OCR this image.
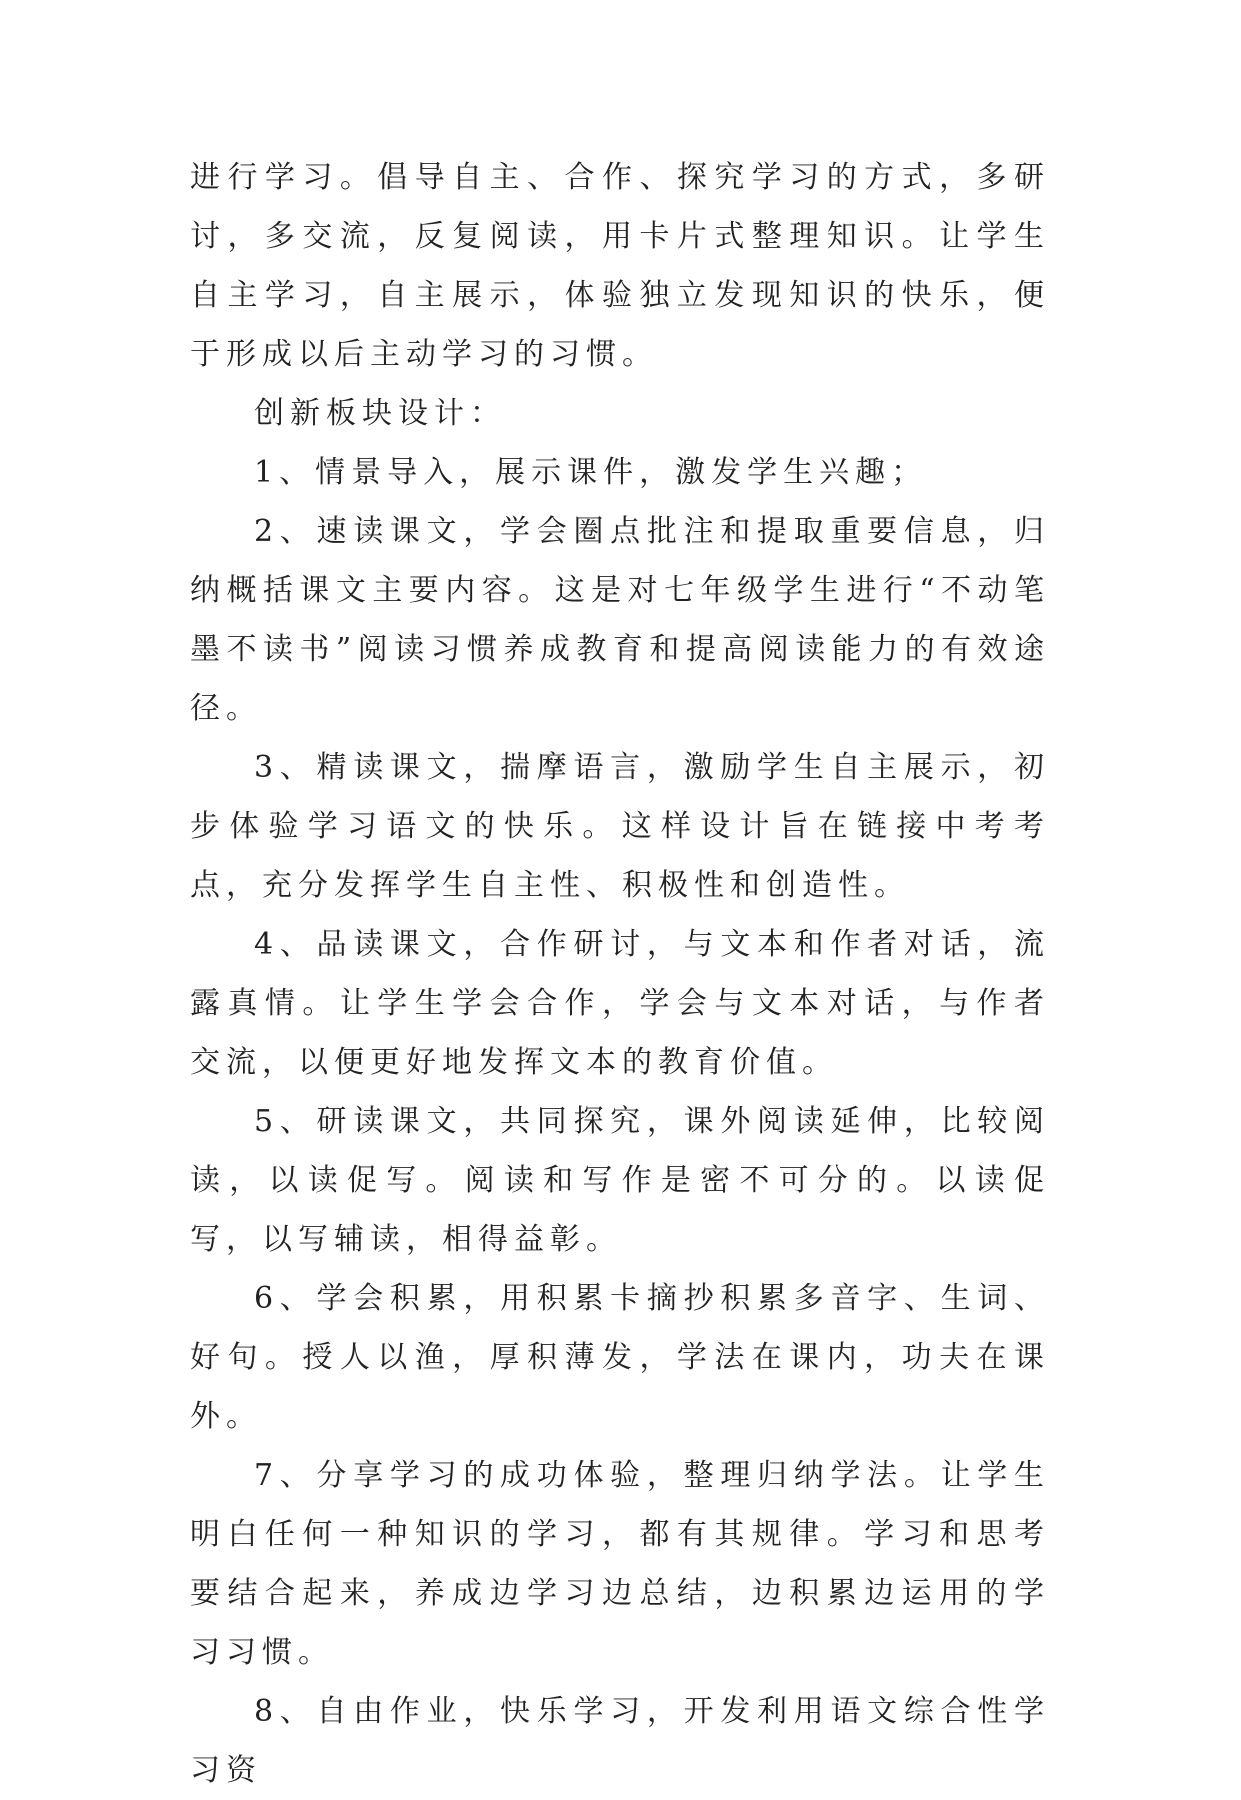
进行学习。倡导自主、合作、探究学习的方式，多研讨，多交流，反复阅读，用卡片式整理知识。让学生自主学习，自主展示，体验独立发现知识的快乐，便于形成以后主动学习的习惯。

创新板块设计：

1、情景导入，展示课件，激发学生兴趣；

2、速读课文，学会圈点批注和提取重要信息，归纳概括课文主要内容。这是对七年级学生进行“不动笔墨不读书”阅读习惯养成教育和提高阅读能力的有效途径。

3、精读课文，揣摩语言，激励学生自主展示，初步体验学习语文的快乐。这样设计旨在链接中考考点，充分发挥学生自主性、积极性和创造性。

4、品读课文，合作研讨，与文本和作者对话，流露真情。让学生学会合作，学会与文本对话，与作者交流，以便更好地发挥文本的教育价值。

5、研读课文，共同探究，课外阅读延伸，比较阅读，以读促写。阅读和写作是密不可分的。以读促写，以写辅读，相得益彰。

6、学会积累，用积累卡摘抄积累多音字、生词、好句。授人以渔，厚积薄发，学法在课内，功夫在课外。

7、分享学习的成功体验，整理归纳学法。让学生明白任何一种知识的学习，都有其规律。学习和思考要结合起来，养成边学习边总结，边积累边运用的学习习惯。

8、自由作业，快乐学习，开发利用语文综合性学习资
